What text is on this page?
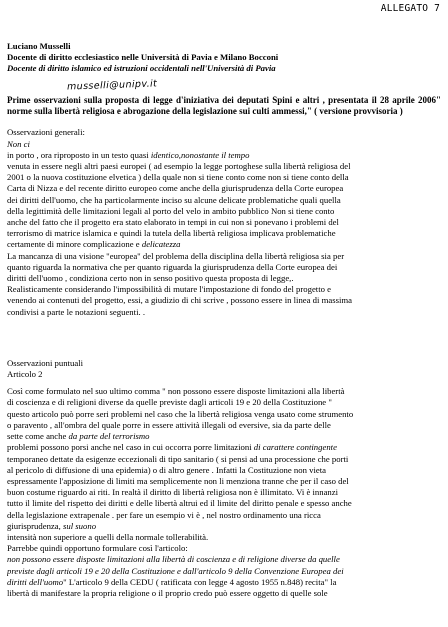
ALLEGATO 7
Luciano Musselli
Docente di diritto ecclesiastico nelle Università di Pavia e Milano Bocconi
Docente di diritto islamico ed istruzioni occidentali nell'Università di Pavia
musselli@unipv.it
Prime osservazioni sulla proposta di legge d'iniziativa dei deputati Spini e altri , presentata il 28 aprile 2006" norme sulla libertà religiosa e abrogazione della legislazione sui culti ammessi," ( versione provvisoria )
Osservazioni generali:
Non ci
in porto , ora riproposto in un testo quasi identico,nonostante il tempo
venuta in essere negli altri paesi europei ( ad esempio la legge portoghese sulla libertà religiosa del
2001 o la nuova costituzione elvetica ) della quale non si tiene conto come non si tiene conto della
Carta di Nizza e del recente diritto europeo come anche della giurisprudenza della Corte europea
dei diritti dell'uomo, che ha particolarmente inciso su alcune delicate problematiche quali quella
della legittimità delle limitazioni legali al porto del velo in ambito pubblico Non si tiene conto
anche del fatto che il progetto era stato elaborato in tempi in cui non si ponevano i problemi del
terrorismo di matrice islamica e quindi la tutela della libertà religiosa implicava problematiche
certamente di minore complicazione e delicatezza
La mancanza di una visione "europea" del problema della disciplina della libertà religiosa sia per
quanto riguarda la normativa che per quanto riguarda la giurisprudenza della Corte europea dei
diritti dell'uomo , condiziona certo non in senso positivo questa proposta di legge,.
Realisticamente considerando l'impossibilità di mutare l'impostazione di fondo del progetto e
venendo ai contenuti del progetto, essi, a giudizio di chi scrive , possono essere in linea di massima
condivisi a parte le notazioni seguenti. .
Osservazioni puntuali
Articolo 2
Così come formulato nel suo ultimo comma " non possono essere disposte limitazioni alla libertà
di coscienza e di religioni diverse da quelle previste dagli articoli 19 e 20 della Costituzione "
questo articolo può porre seri problemi nel caso che la libertà religiosa venga usato come strumento
o paravento , all'ombra del quale porre in essere attività illegali od eversive, sia da parte delle
sette come anche da parte del terrorismo
problemi possono porsi anche nel caso in cui occorra porre limitazioni di carattere contingente
temporaneo dettate da esigenze eccezionali di tipo sanitario ( si pensi ad una processione che porti
al pericolo di diffusione di una epidemia) o di altro genere . Infatti la Costituzione non vieta
espressamente l'apposizione di limiti ma semplicemente non li menziona tranne che per il caso del
buon costume riguardo ai riti. In realtà il diritto di libertà religiosa non è illimitato. Vi è innanzi
tutto il limite del rispetto dei diritti e delle libertà altrui ed il limite del diritto penale e spesso anche
della legislazione extrapenale . per fare un esempio vi è , nel nostro ordinamento una ricca
giurisprudenza, sul suono
intensità non superiore a quelli della normale tollerabilità.
Parrebbe quindi opportuno formulare così l'articolo:
non possono essere disposte limitazioni alla libertà di coscienza e di religione diverse da quelle
previste dagli articoli 19 e 20 della Costituzione e dall'articolo 9 della Convenzione Europea dei
diritti dell'uomo" L'articolo 9 della CEDU ( ratificata con legge 4 agosto 1955 n.848) recita" la
libertà di manifestare la propria religione o il proprio credo può essere oggetto di quelle sole
